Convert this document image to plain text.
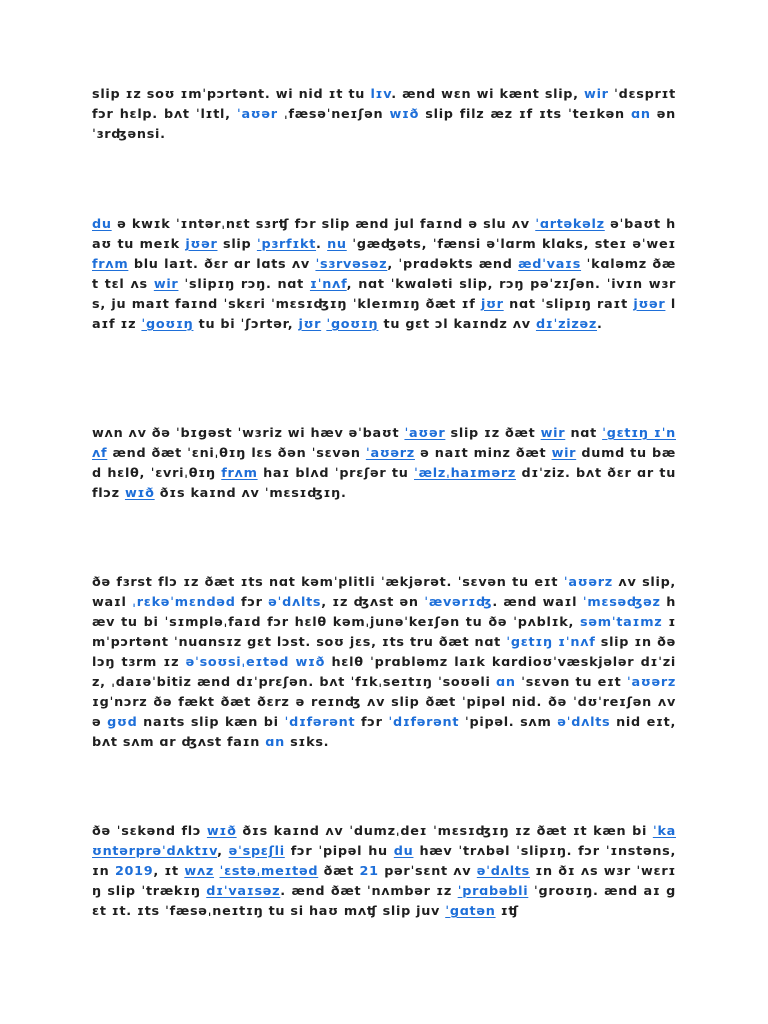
slip ɪz soʊ ɪmˈpɔrtənt. wi nid ɪt tu lɪv. ænd wɛn wi kænt slip, wir ˈdɛsprɪt fɔr hɛlp. bʌt ˈlɪtl, ˈaʊər ˌfæsəˈneɪʃən wɪð slip filz æz ɪf ɪts ˈteɪkən ɑn ən ˈɜrʤənsi.

du ə kwɪk ˈɪntərˌnɛt sɜrʧ fɔr slip ænd jul faɪnd ə slu ʌv ˈɑrtəkəlz əˈbaʊt haʊ tu meɪk jʊər slip ˈpɜrfɪkt. nu ˈgæʤəts, ˈfænsi əˈlɑrm klɑks, steɪ əˈweɪ frʌm blu laɪt. ðɛr ɑr lɑts ʌv ˈsɜrvəsəz, ˈprɑdəkts ænd ædˈvaɪs ˈkɑləmz ðæt tɛl ʌs wir ˈslipɪŋ rɔŋ. nɑt ɪˈnʌf, nɑt ˈkwɑləti slip, rɔŋ pəˈzɪʃən. ˈivɪn wɜrs, ju maɪt faɪnd ˈskɛri ˈmɛsɪʤɪŋ ˈkleɪmɪŋ ðæt ɪf jʊr nɑt ˈslipɪŋ raɪt jʊər laɪf ɪz ˈgoʊɪŋ tu bi ˈʃɔrtər, jʊr ˈgoʊɪŋ tu gɛt ɔl kaɪndz ʌv dɪˈzizəz.

wʌn ʌv ðə ˈbɪgəst ˈwɜriz wi hæv əˈbaʊt ˈaʊər slip ɪz ðæt wir nɑt ˈgɛtɪŋ ɪˈnʌf ænd ðæt ˈɛniˌθɪŋ lɛs ðən ˈsɛvən ˈaʊərz ə naɪt minz ðæt wir dumd tu bæd hɛlθ, ˈɛvriˌθɪŋ frʌm haɪ blʌd ˈprɛʃər tu ˈælzˌhaɪmərz dɪˈziz. bʌt ðɛr ɑr tu flɔz wɪð ðɪs kaɪnd ʌv ˈmɛsɪʤɪŋ.

ðə fɜrst flɔ ɪz ðæt ɪts nɑt kəmˈplitli ˈækjərət. ˈsɛvən tu eɪt ˈaʊərz ʌv slip, waɪl ˌrɛkəˈmɛndəd fɔr əˈdʌlts, ɪz ʤʌst ən ˈævərɪʤ. ænd waɪl ˈmɛsəʤəz hæv tu bi ˈsɪmpləˌfaɪd fɔr hɛlθ kəmˌjunəˈkeɪʃən tu ðə ˈpʌblɪk, səmˈtaɪmz ɪmˈpɔrtənt ˈnuɑnsɪz gɛt lɔst. soʊ jɛs, ɪts tru ðæt nɑt ˈgɛtɪŋ ɪˈnʌf slip ɪn ðə lɔŋ tɜrm ɪz əˈsoʊsiˌeɪtəd wɪð hɛlθ ˈprɑbləmz laɪk kɑrdioʊˈvæskjələr dɪˈziz, ˌdaɪəˈbitiz ænd dɪˈprɛʃən. bʌt ˈfɪkˌseɪtɪŋ ˈsoʊəli ɑn ˈsɛvən tu eɪt ˈaʊərz ɪgˈnɔrz ðə fækt ðæt ðɛrz ə reɪnʤ ʌv slip ðæt ˈpipəl nid. ðə ˈdʊˈreɪʃən ʌv ə gʊd naɪts slip kæn bi ˈdɪfərənt fɔr ˈdɪfərənt ˈpipəl. sʌm əˈdʌlts nid eɪt, bʌt sʌm ɑr ʤʌst faɪn ɑn sɪks.

ðə ˈsɛkənd flɔ wɪð ðɪs kaɪnd ʌv ˈdumzˌdeɪ ˈmɛsɪʤɪŋ ɪz ðæt ɪt kæn bi ˈkaʊntərprəˈdʌktɪv, əˈspɛʃli fɔr ˈpipəl hu du hæv ˈtrʌbəl ˈslipɪŋ. fɔr ˈɪnstəns, ɪn 2019, ɪt wʌz ˈɛstəˌmeɪtəd ðæt 21 pərˈsɛnt ʌv əˈdʌlts ɪn ðɪ ʌs wɜr ˈwɛrɪŋ slip ˈtrækɪŋ dɪˈvaɪsəz. ænd ðæt ˈnʌmbər ɪz ˈprɑbəbli ˈgroʊɪŋ. ænd aɪ gɛt ɪt. ɪts ˈfæsəˌneɪtɪŋ tu si haʊ mʌʧ slip juv ˈgɑtən ɪʧ
